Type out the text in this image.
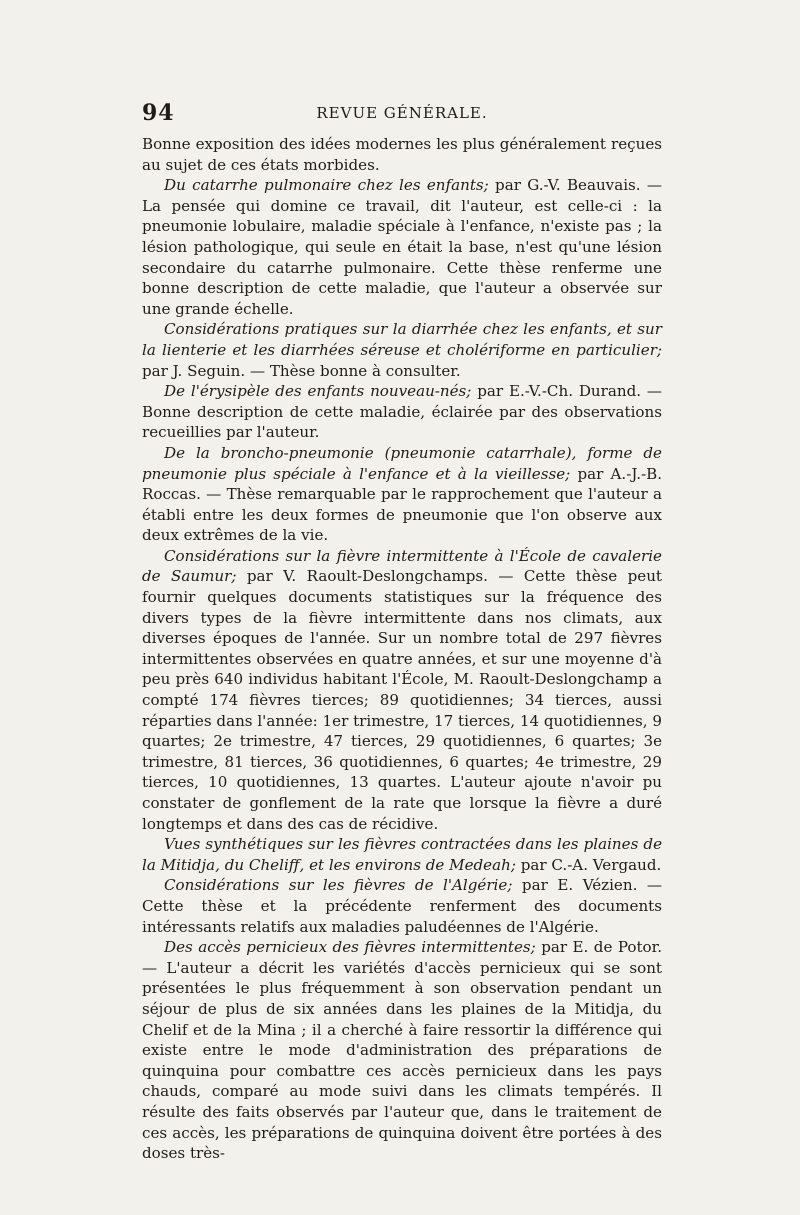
94	REVUE GÉNÉRALE.

Bonne exposition des idées modernes les plus généralement reçues au sujet de ces états morbides.

Du catarrhe pulmonaire chez les enfants; par G.-V. Beauvais. — La pensée qui domine ce travail, dit l'auteur, est celle-ci : la pneumonie lobulaire, maladie spéciale à l'enfance, n'existe pas ; la lésion pathologique, qui seule en était la base, n'est qu'une lésion secondaire du catarrhe pulmonaire. Cette thèse renferme une bonne description de cette maladie, que l'auteur a observée sur une grande échelle.

Considérations pratiques sur la diarrhée chez les enfants, et sur la lienterie et les diarrhées séreuse et cholériforme en particulier; par J. Seguin. — Thèse bonne à consulter.

De l'érysipèle des enfants nouveau-nés; par E.-V.-Ch. Durand. — Bonne description de cette maladie, éclairée par des observations recueillies par l'auteur.

De la broncho-pneumonie (pneumonie catarrhale), forme de pneumonie plus spéciale à l'enfance et à la vieillesse; par A.-J.-B. Roccas. — Thèse remarquable par le rapprochement que l'auteur a établi entre les deux formes de pneumonie que l'on observe aux deux extrêmes de la vie.

Considérations sur la fièvre intermittente à l'École de cavalerie de Saumur; par V. Raoult-Deslongchamps. — Cette thèse peut fournir quelques documents statistiques sur la fréquence des divers types de la fièvre intermittente dans nos climats, aux diverses époques de l'année. Sur un nombre total de 297 fièvres intermittentes observées en quatre années, et sur une moyenne d'à peu près 640 individus habitant l'École, M. Raoult-Deslongchamp a compté 174 fièvres tierces; 89 quotidiennes; 34 tierces, aussi réparties dans l'année: 1er trimestre, 17 tierces, 14 quotidiennes, 9 quartes; 2e trimestre, 47 tierces, 29 quotidiennes, 6 quartes; 3e trimestre, 81 tierces, 36 quotidiennes, 6 quartes; 4e trimestre, 29 tierces, 10 quotidiennes, 13 quartes. L'auteur ajoute n'avoir pu constater de gonflement de la rate que lorsque la fièvre a duré longtemps et dans des cas de récidive.

Vues synthétiques sur les fièvres contractées dans les plaines de la Mitidja, du Cheliff, et les environs de Medeah; par C.-A. Vergaud.

Considérations sur les fièvres de l'Algérie; par E. Vézien. — Cette thèse et la précédente renferment des documents intéressants relatifs aux maladies paludéennes de l'Algérie.

Des accès pernicieux des fièvres intermittentes; par E. de Potor. — L'auteur a décrit les variétés d'accès pernicieux qui se sont présentées le plus fréquemment à son observation pendant un séjour de plus de six années dans les plaines de la Mitidja, du Chelif et de la Mina ; il a cherché à faire ressortir la différence qui existe entre le mode d'administration des préparations de quinquina pour combattre ces accès pernicieux dans les pays chauds, comparé au mode suivi dans les climats tempérés. Il résulte des faits observés par l'auteur que, dans le traitement de ces accès, les préparations de quinquina doivent être portées à des doses très-
